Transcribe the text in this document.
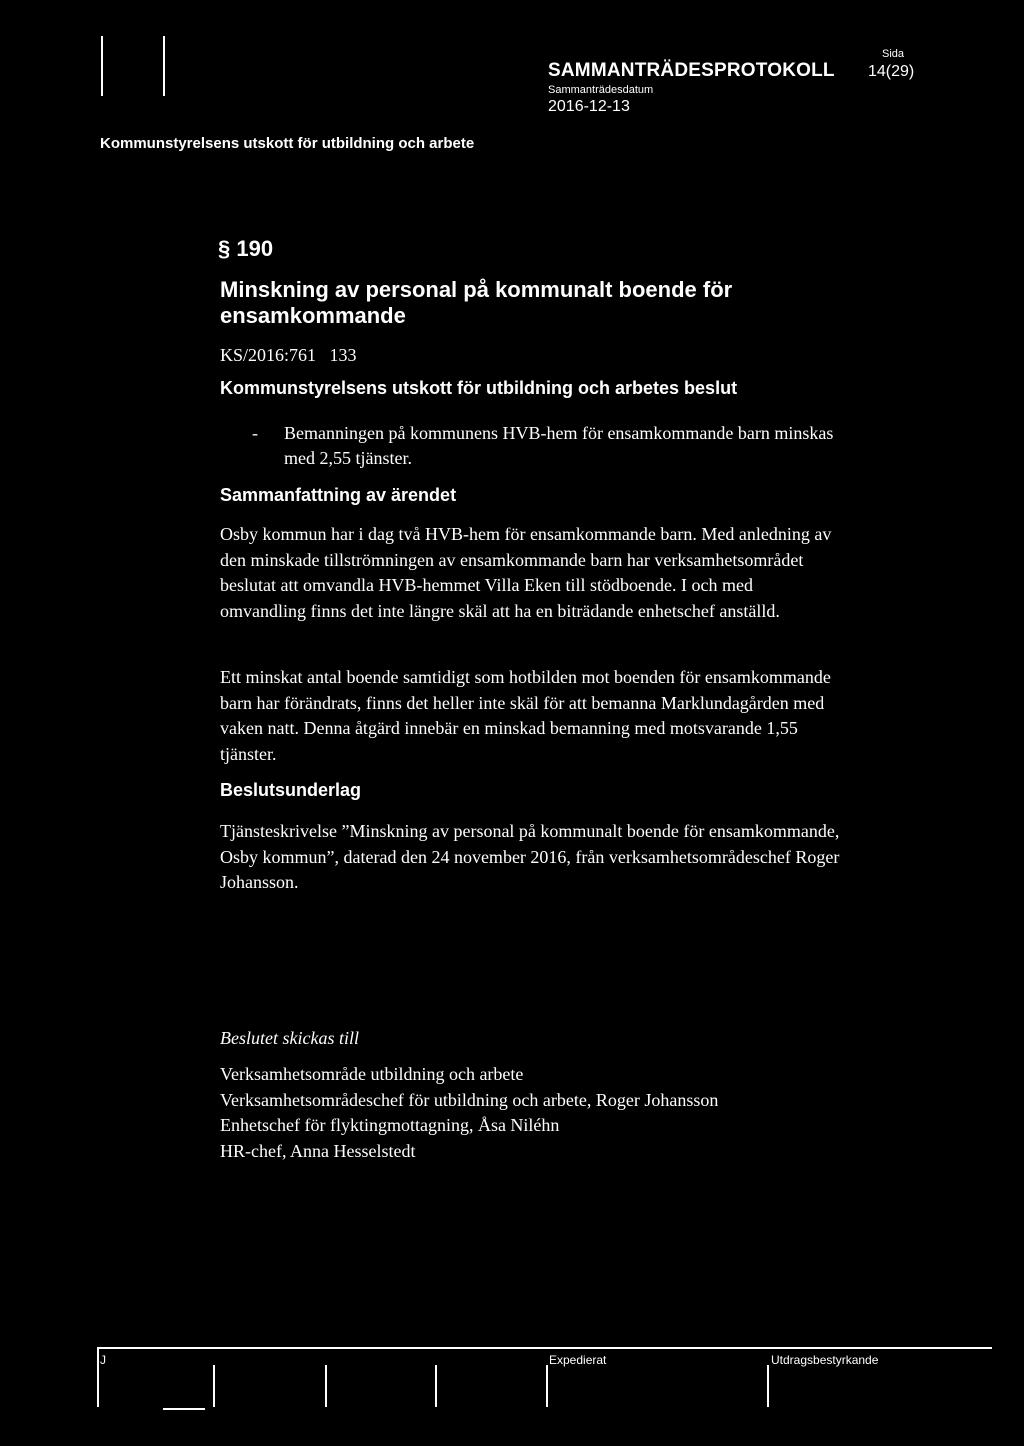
SAMMANTRÄDESPROTOKOLL
Sida
14(29)
Sammanträdesdatum
2016-12-13
Kommunstyrelsens utskott för utbildning och arbete
§ 190
Minskning av personal på kommunalt boende för ensamkommande
KS/2016:761   133
Kommunstyrelsens utskott för utbildning och arbetes beslut
- Bemanningen på kommunens HVB-hem för ensamkommande barn minskas med 2,55 tjänster.
Sammanfattning av ärendet

Osby kommun har i dag två HVB-hem för ensamkommande barn. Med anledning av den minskade tillströmningen av ensamkommande barn har verksamhetsområdet beslutat att omvandla HVB-hemmet Villa Eken till stödboende. I och med omvandling finns det inte längre skäl att ha en biträdande enhetschef anställd.

Ett minskat antal boende samtidigt som hotbilden mot boenden för ensamkommande barn har förändrats, finns det heller inte skäl för att bemanna Marklundagården med vaken natt. Denna åtgärd innebär en minskad bemanning med motsvarande 1,55 tjänster.

Beslutsunderlag

Tjänsteskrivelse ”Minskning av personal på kommunalt boende för ensamkommande, Osby kommun”, daterad den 24 november 2016, från verksamhetsområdeschef Roger Johansson.

Beslutet skickas till
Verksamhetsområde utbildning och arbete
Verksamhetsområdeschef för utbildning och arbete, Roger Johansson
Enhetschef för flyktingmottagning, Åsa Niléhn
HR-chef, Anna Hesselstedt
J	Expedierat	Utdragsbestyrkande
